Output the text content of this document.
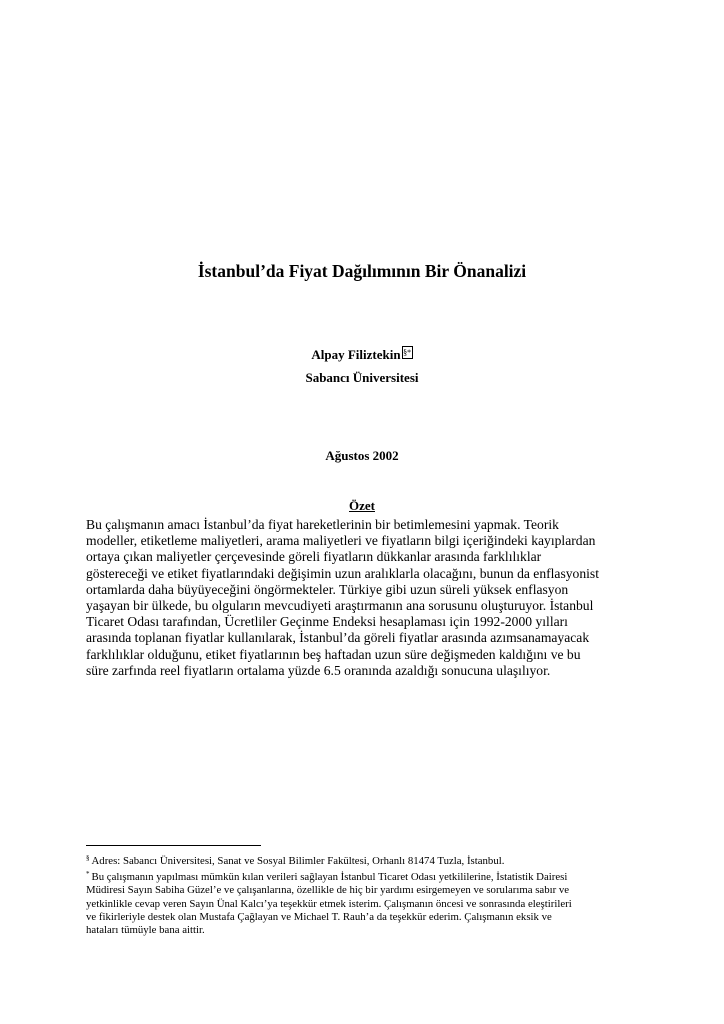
İstanbul’da Fiyat Dağılımının Bir Önanalizi
Alpay Filiztekin §*
Sabancı Üniversitesi
Ağustos 2002
Özet

Bu çalışmanın amacı İstanbul’da fiyat hareketlerinin bir betimlemesini yapmak. Teorik
modeller, etiketleme maliyetleri, arama maliyetleri ve fiyatların bilgi içeriğindeki kayıplardan
ortaya çıkan maliyetler çerçevesinde göreli fiyatların dükkanlar arasında farklılıklar
göstereceği ve etiket fiyatlarındaki değişimin uzun aralıklarla olacağını, bunun da enflasyonist
ortamlarda daha büyüyeceğini öngörmekteler. Türkiye gibi uzun süreli yüksek enflasyon
yaşayan bir ülkede, bu olguların mevcudiyeti araştırmanın ana sorusunu oluşturuyor. İstanbul
Ticaret Odası tarafından, Ücretliler Geçinme Endeksi hesaplaması için 1992-2000 yılları
arasında toplanan fiyatlar kullanılarak, İstanbul’da göreli fiyatlar arasında azımsanamayacak
farklılıklar olduğunu, etiket fiyatlarının beş haftadan uzun süre değişmeden kaldığını ve bu
süre zarfında reel fiyatların ortalama yüzde 6.5 oranında azaldığı sonucuna ulaşılıyor.

§ Adres: Sabancı Üniversitesi, Sanat ve Sosyal Bilimler Fakültesi, Orhanlı 81474 Tuzla, İstanbul.
* Bu çalışmanın yapılması mümkün kılan verileri sağlayan İstanbul Ticaret Odası yetkililerine, İstatistik Dairesi
Müdiresi Sayın Sabiha Güzel’e ve çalışanlarına, özellikle de hiç bir yardımı esirgemeyen ve sorularıma sabır ve
yetkinlikle cevap veren Sayın Ünal Kalcı’ya teşekkür etmek isterim. Çalışmanın öncesi ve sonrasında eleştirileri
ve fikirleriyle destek olan Mustafa Çağlayan ve Michael T. Rauh’a da teşekkür ederim. Çalışmanın eksik ve
hataları tümüyle bana aittir.
